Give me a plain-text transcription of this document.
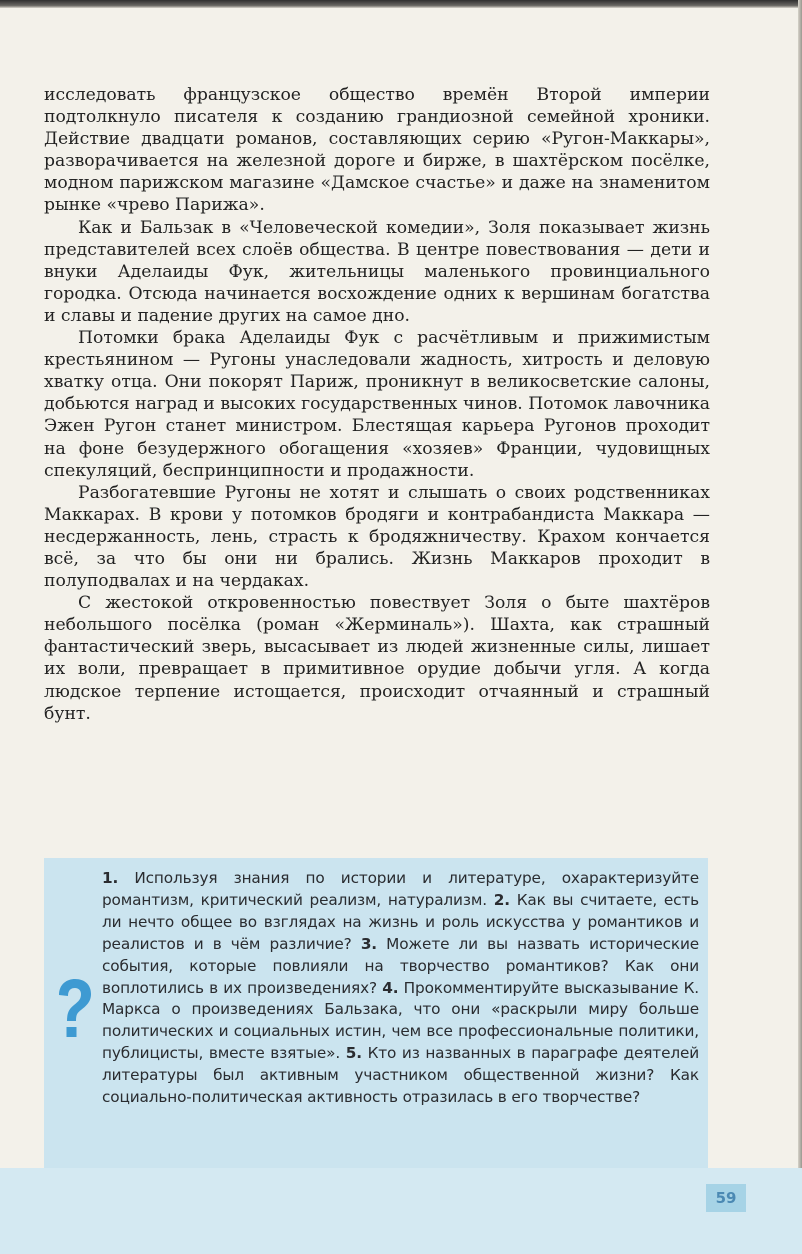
исследовать французское общество времён Второй империи подтолкнуло писателя к созданию грандиозной семейной хроники. Действие двадцати романов, составляющих серию «Ругон-Маккары», разворачивается на железной дороге и бирже, в шахтёрском посёлке, модном парижском магазине «Дамское счастье» и даже на знаменитом рынке «чрево Парижа».

Как и Бальзак в «Человеческой комедии», Золя показывает жизнь представителей всех слоёв общества. В центре повествования — дети и внуки Аделаиды Фук, жительницы маленького провинциального городка. Отсюда начинается восхождение одних к вершинам богатства и славы и падение других на самое дно.

Потомки брака Аделаиды Фук с расчётливым и прижимистым крестьянином — Ругоны унаследовали жадность, хитрость и деловую хватку отца. Они покорят Париж, проникнут в великосветские салоны, добьются наград и высоких государственных чинов. Потомок лавочника Эжен Ругон станет министром. Блестящая карьера Ругонов проходит на фоне безудержного обогащения «хозяев» Франции, чудовищных спекуляций, беспринципности и продажности.

Разбогатевшие Ругоны не хотят и слышать о своих родственниках Маккарах. В крови у потомков бродяги и контрабандиста Маккара — несдержанность, лень, страсть к бродяжничеству. Крахом кончается всё, за что бы они ни брались. Жизнь Маккаров проходит в полуподвалах и на чердаках.

С жестокой откровенностью повествует Золя о быте шахтёров небольшого посёлка (роман «Жерминаль»). Шахта, как страшный фантастический зверь, высасывает из людей жизненные силы, лишает их воли, превращает в примитивное орудие добычи угля. А когда людское терпение истощается, происходит отчаянный и страшный бунт.

1. Используя знания по истории и литературе, охарактеризуйте романтизм, критический реализм, натурализм. 2. Как вы считаете, есть ли нечто общее во взглядах на жизнь и роль искусства у романтиков и реалистов и в чём различие? 3. Можете ли вы назвать исторические события, которые повлияли на творчество романтиков? Как они воплотились в их произведениях? 4. Прокомментируйте высказывание К. Маркса о произведениях Бальзака, что они «раскрыли миру больше политических и социальных истин, чем все профессиональные политики, публицисты, вместе взятые». 5. Кто из названных в параграфе деятелей литературы был активным участником общественной жизни? Как социально-политическая активность отразилась в его творчестве?
59
